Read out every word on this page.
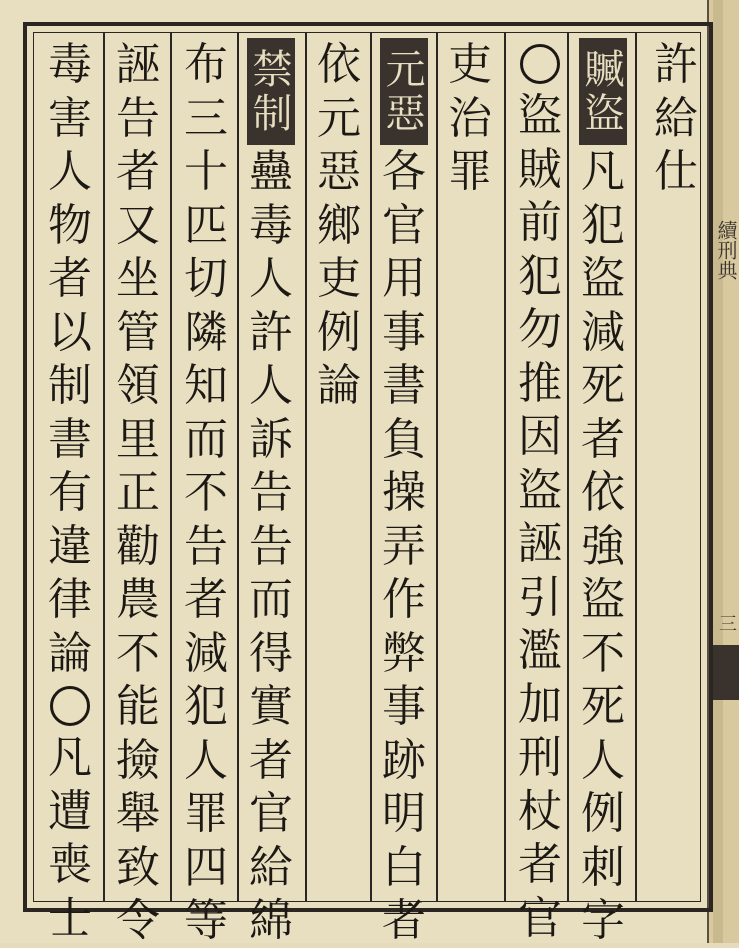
續刑典
三
許
給
仕
贓盜
凡
犯
盜
減
死
者
依
強
盜
不
死
人
例
刺
字
盜
賊
前
犯
勿
推
因
盜
誣
引
濫
加
刑
杖
者
官
吏
治
罪
元惡
各
官
用
事
書
負
操
弄
作
弊
事
跡
明
白
者
依
元
惡
鄉
吏
例
論
禁制
蠱
毒
人
許
人
訴
告
告
而
得
實
者
官
給
綿
布
三
十
匹
切
隣
知
而
不
告
者
減
犯
人
罪
四
等
誣
告
者
又
坐
管
領
里
正
勸
農
不
能
撿
舉
致
令
毒
害
人
物
者
以
制
書
有
違
律
論
凡
遭
喪
士
